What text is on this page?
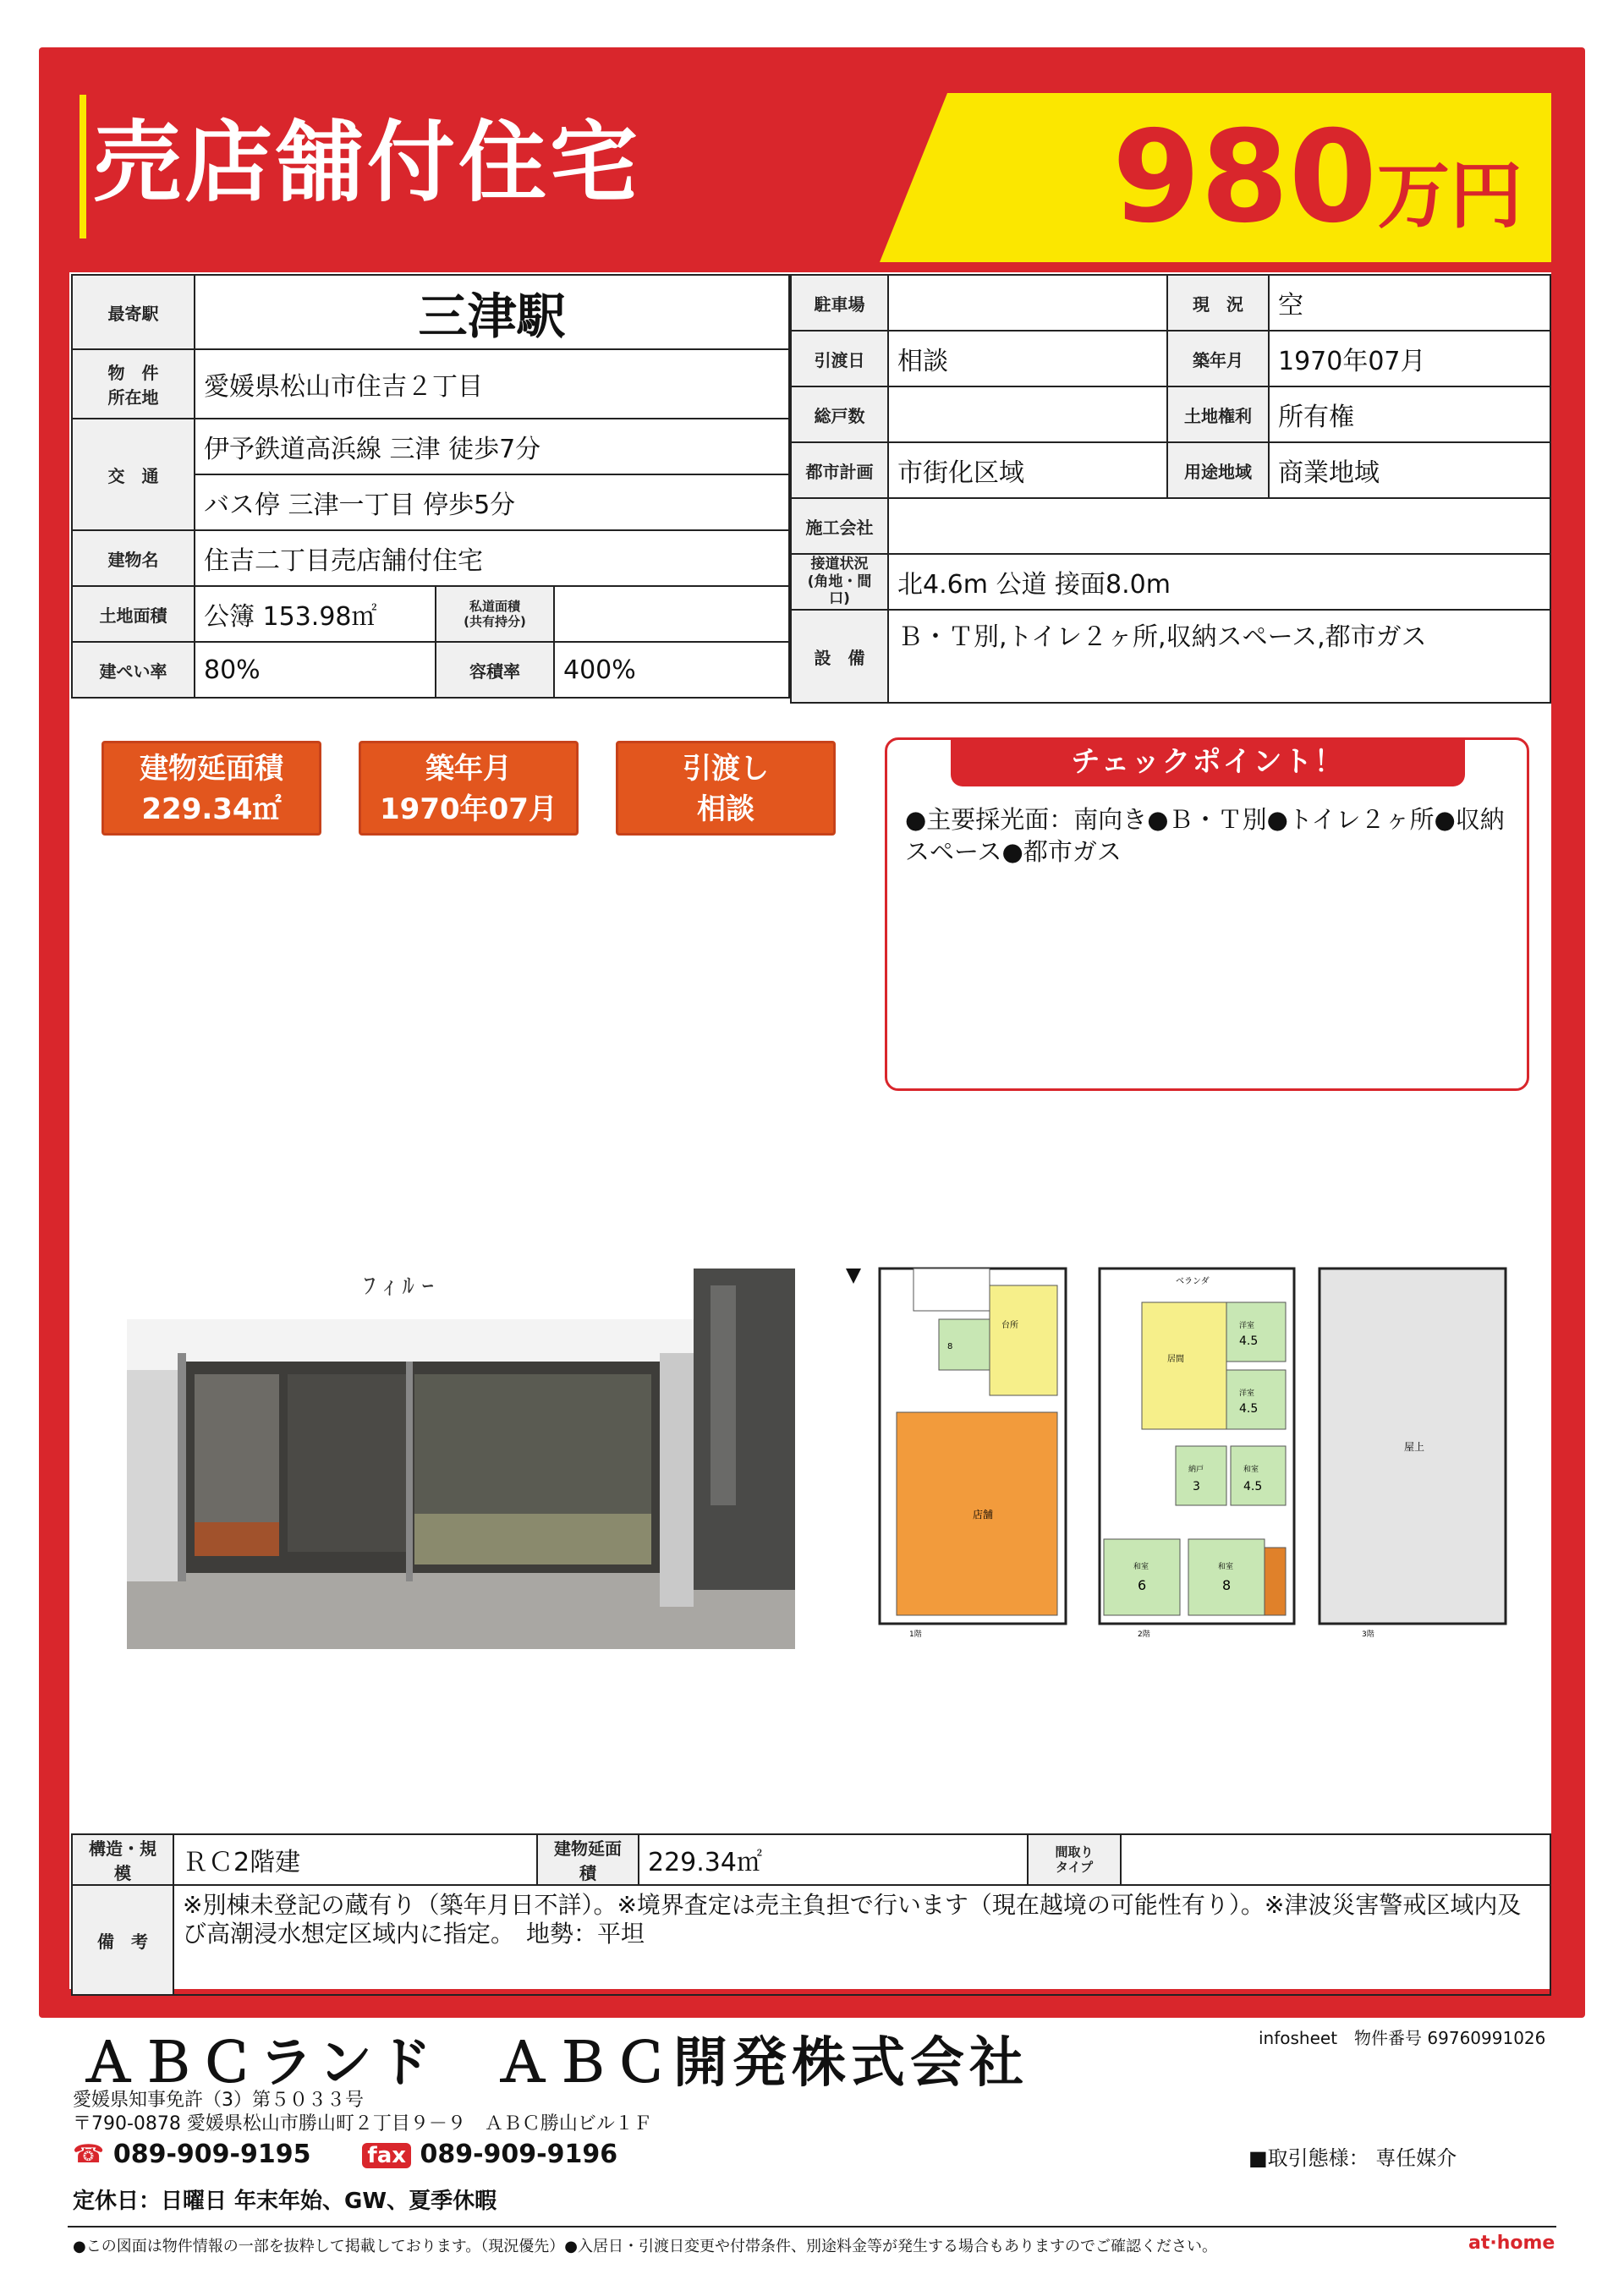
売店舗付住宅	980万円
最寄駅	三津駅		
物　件
所在地	愛媛県松山市住吉２丁目		
交　通	伊予鉄道高浜線 三津 徒歩7分		
	バス停 三津一丁目 停歩5分		
建物名	住吉二丁目売店舗付住宅		
土地面積	公簿 153.98㎡	私道面積
(共有持分)	
建ぺい率	80%	容積率	400%
駐車場		現　況	空
引渡日	相談	築年月	1970年07月
総戸数		土地権利	所有権
都市計画	市街化区域	用途地域	商業地域
施工会社			
接道状況
(角地・間口)	北4.6m 公道 接面8.0m		
設　備	Ｂ・Ｔ別,トイレ２ヶ所,収納スペース,都市ガス		
建物延面積
229.34㎡
築年月
1970年07月
引渡し
相談
チェックポイント！
●主要採光面：南向き●Ｂ・Ｔ別●トイレ２ヶ所●収納スペース●都市ガス
ﾌ ｨ ﾙ ｰ
店舗
台所
8
1階
ベランダ
居間
洋室
4.5
洋室
4.5
納戸
3
和室
4.5
和室
6
和室
8
2階
屋上
3階
構造・規模	ＲＣ2階建	建物延面積	229.34㎡	間取り
タイプ	
備　考	※別棟未登記の蔵有り（築年月日不詳）。※境界査定は売主負担で行います（現在越境の可能性有り）。※津波災害警戒区域内及び高潮浸水想定区域内に指定。　地勢：平坦				
ＡＢＣランド　ＡＢＣ開発株式会社	infosheet　物件番号 69760991026
愛媛県知事免許（3）第５０３３号
〒790-0878 愛媛県松山市勝山町２丁目９－９　ＡＢＣ勝山ビル１Ｆ
☎ 089-909-9195	fax 089-909-9196
定休日：日曜日 年末年始、GW、夏季休暇
■取引態様： 専任媒介
●この図面は物件情報の一部を抜粋して掲載しております。（現況優先）●入居日・引渡日変更や付帯条件、別途料金等が発生する場合もありますのでご確認ください。	at·home
